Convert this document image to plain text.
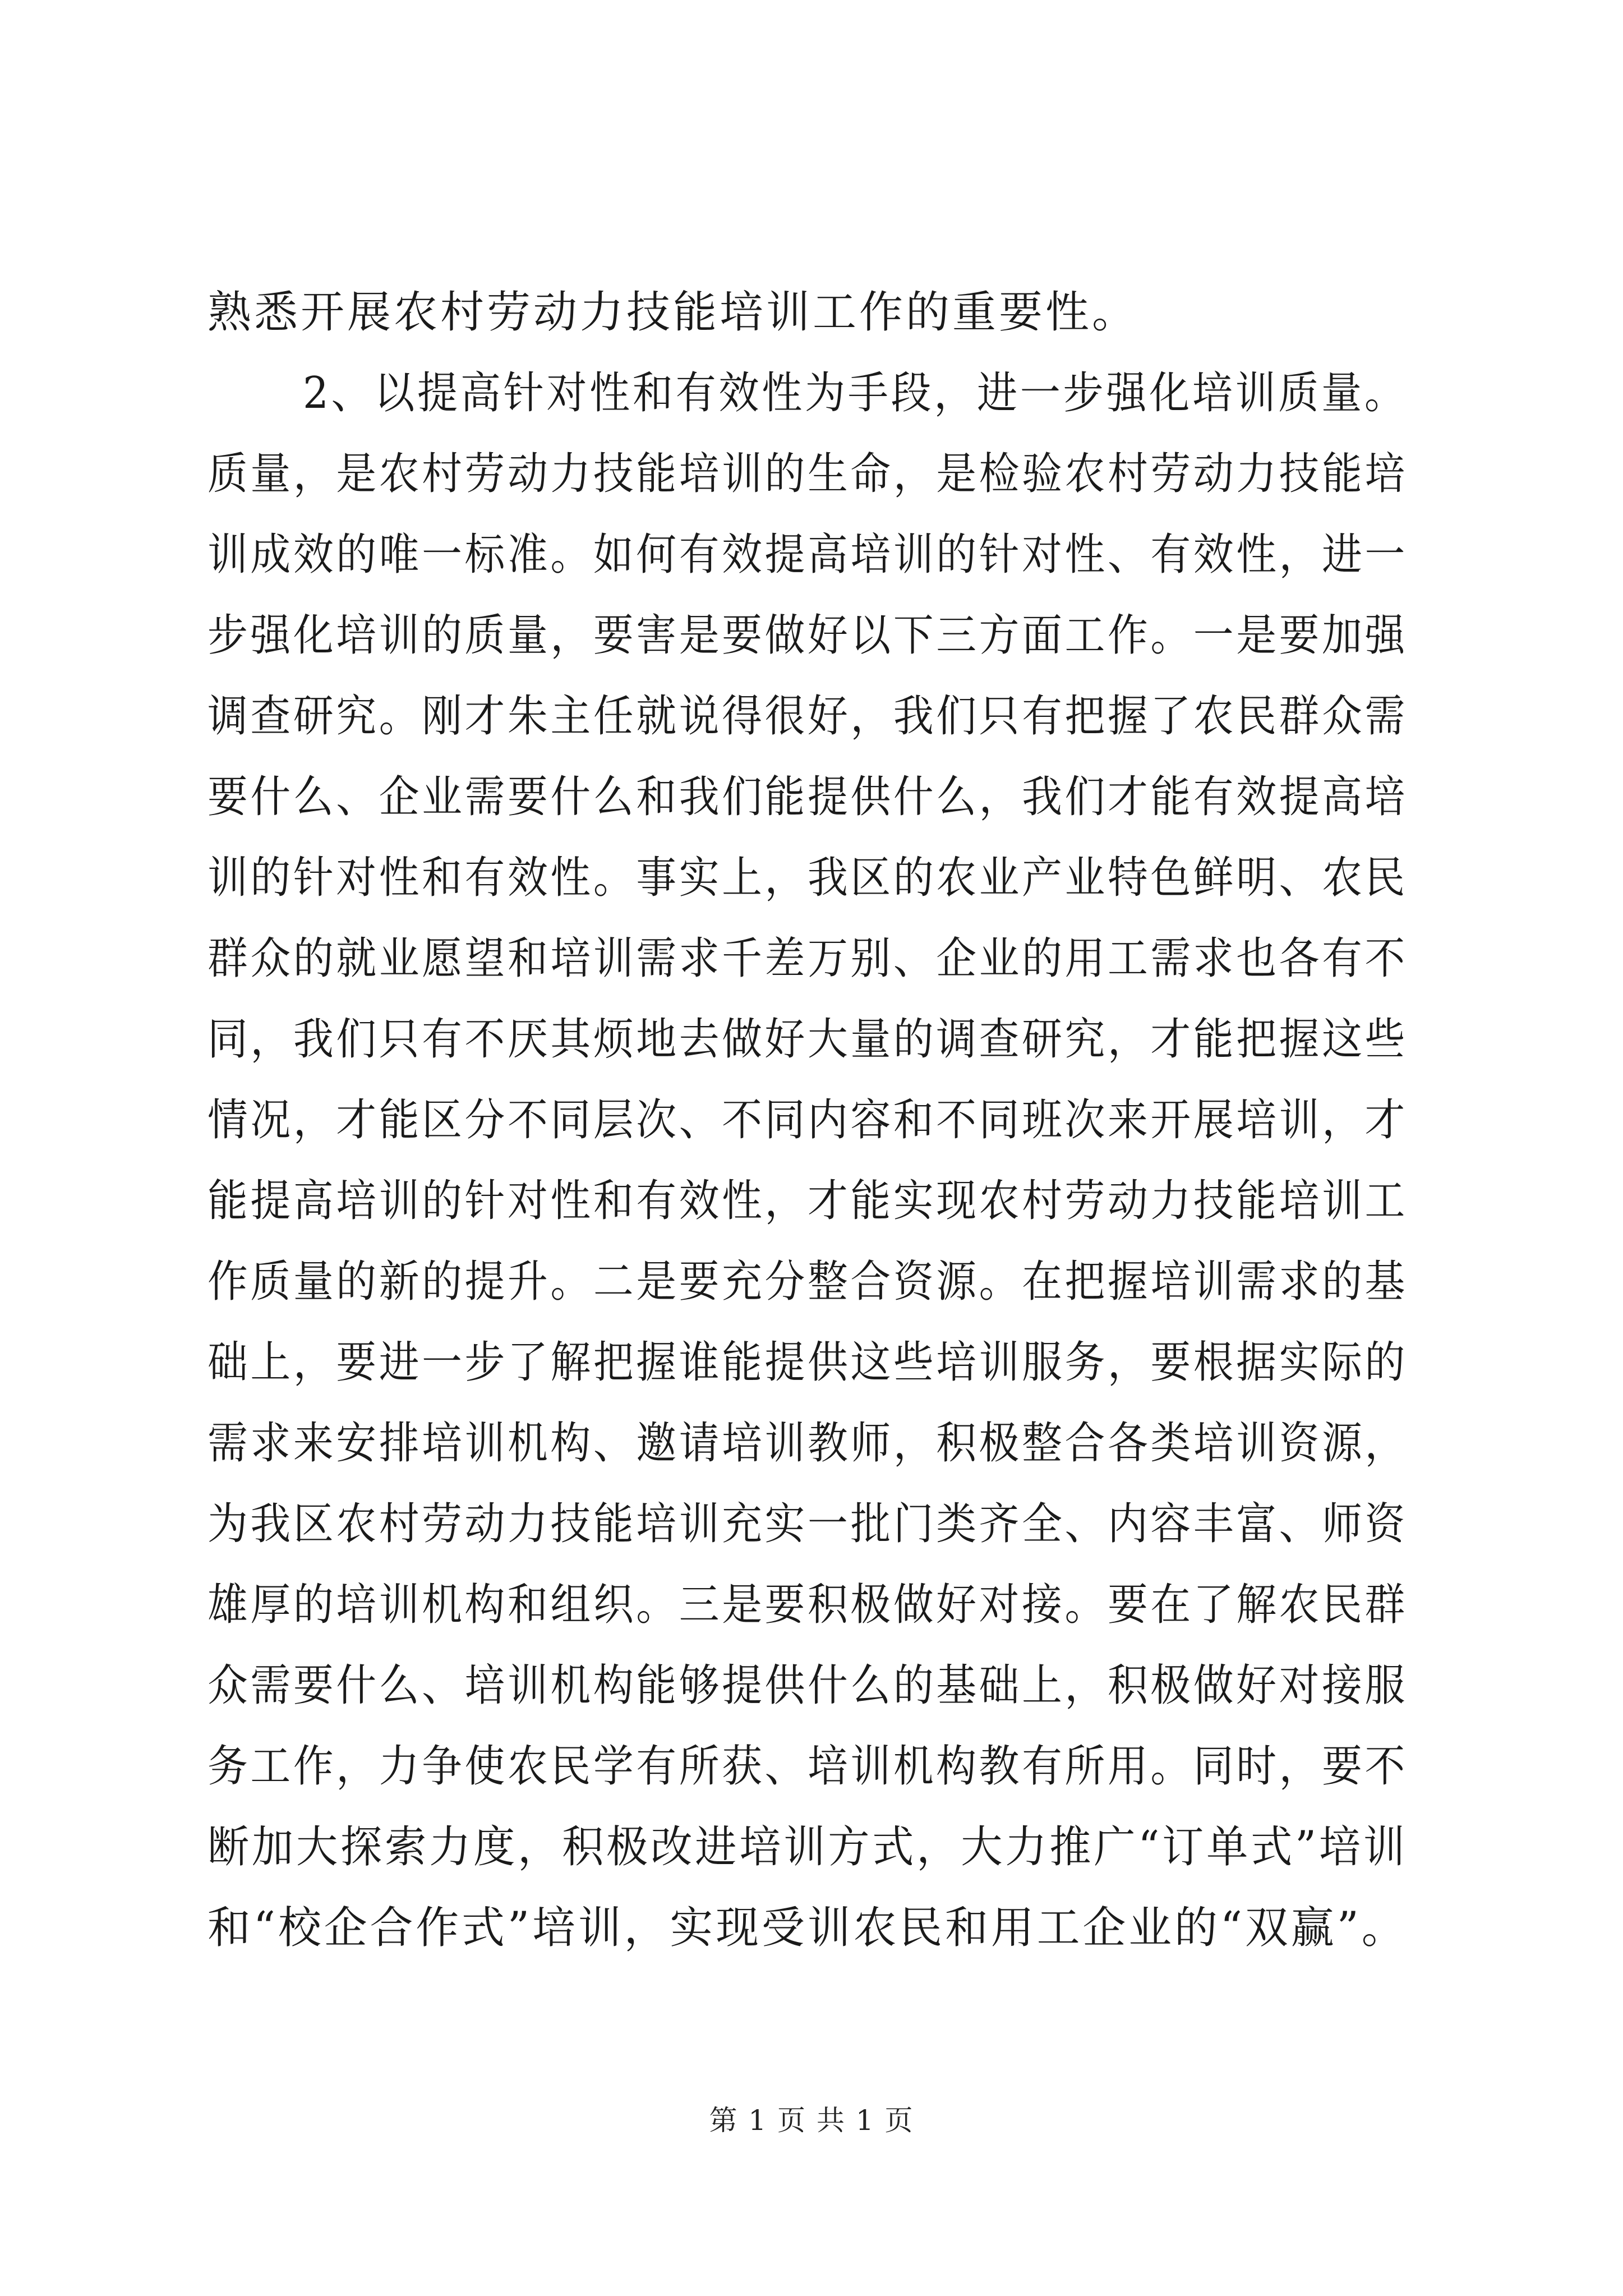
熟悉开展农村劳动力技能培训工作的重要性。
2、以提高针对性和有效性为手段，进一步强化培训质量。
质量，是农村劳动力技能培训的生命，是检验农村劳动力技能培
训成效的唯一标准。如何有效提高培训的针对性、有效性，进一
步强化培训的质量，要害是要做好以下三方面工作。一是要加强
调查研究。刚才朱主任就说得很好，我们只有把握了农民群众需
要什么、企业需要什么和我们能提供什么，我们才能有效提高培
训的针对性和有效性。事实上，我区的农业产业特色鲜明、农民
群众的就业愿望和培训需求千差万别、企业的用工需求也各有不
同，我们只有不厌其烦地去做好大量的调查研究，才能把握这些
情况，才能区分不同层次、不同内容和不同班次来开展培训，才
能提高培训的针对性和有效性，才能实现农村劳动力技能培训工
作质量的新的提升。二是要充分整合资源。在把握培训需求的基
础上，要进一步了解把握谁能提供这些培训服务，要根据实际的
需求来安排培训机构、邀请培训教师，积极整合各类培训资源，
为我区农村劳动力技能培训充实一批门类齐全、内容丰富、师资
雄厚的培训机构和组织。三是要积极做好对接。要在了解农民群
众需要什么、培训机构能够提供什么的基础上，积极做好对接服
务工作，力争使农民学有所获、培训机构教有所用。同时，要不
断加大探索力度，积极改进培训方式，大力推广“订单式”培训
和“校企合作式”培训，实现受训农民和用工企业的“双赢”。
第 1 页 共 1 页
